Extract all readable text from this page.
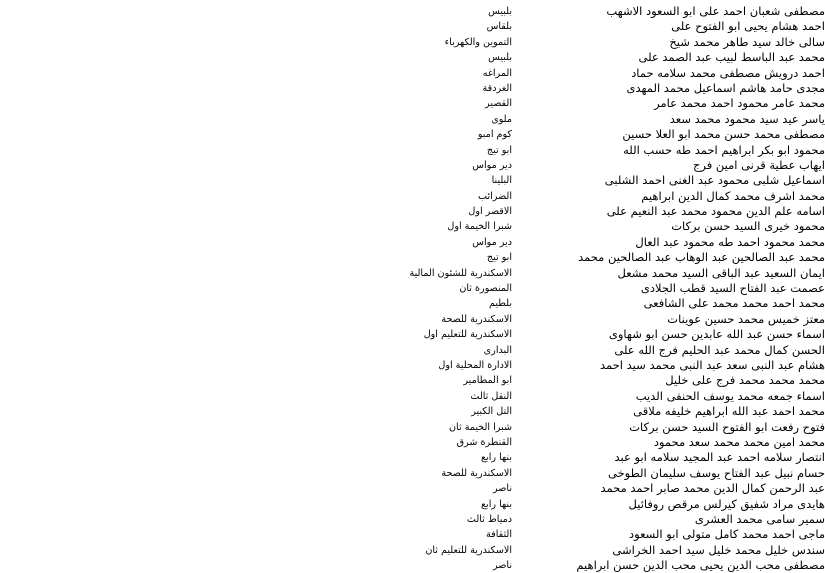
مصطفى شعبان احمد على ابو السعود الاشهب
بلبيس
احمد هشام يحيى ابو الفتوح على
بلقاس
سالى خالد سيد طاهر محمد شيخ
التموين والكهرباء
محمد عبد الباسط لبيب عبد الصمد على
بلبيس
احمد درويش مصطفى محمد سلامه حماد
المراغه
مجدى حامد هاشم اسماعيل محمد المهدى
الغردقة
محمد عامر محمود احمد محمد عامر
القصير
ياسر عيد سيد محمود محمد سعد
ملوى
مصطفى محمد حسن محمد ابو العلا حسين
كوم امبو
محمود ابو بكر ابراهيم احمد طه حسب الله
ابو تيج
ايهاب عطية قرنى امين فرج
دير مواس
اسماعيل شلبى محمود عبد الغنى احمد الشلبى
البلينا
محمد اشرف محمد كمال الدين ابراهيم
الضرائب
اسامه علم الدين محمود محمد عبد النعيم على
الاقصر اول
محمود خيرى السيد حسن بركات
شبرا الخيمة اول
محمد محمود احمد طه محمود عبد العال
دير مواس
محمد عبد الصالحين عبد الوهاب عبد الصالحين محمد
ابو تيج
ايمان السعيد عبد الباقى السيد محمد مشعل
الاسكندرية للشئون المالية
عصمت عبد الفتاح السيد قطب الجلادى
المنصورة ثان
محمد احمد محمد محمد على الشافعى
بلطيم
معتز خميس محمد حسين عوينات
الاسكندرية للصحة
اسماء حسن عبد الله عابدين حسن ابو شهاوى
الاسكندرية للتعليم اول
الحسن كمال محمد عبد الحليم فرج الله على
البدارى
هشام عبد النبى سعد عبد النبى محمد سيد احمد
الادارة المحلية اول
محمد محمد محمد فرج على خليل
ابو المطامير
اسماء جمعه محمد يوسف الحنفى الديب
النقل ثالث
محمد احمد عبد الله ابراهيم خليفه ملاقى
التل الكبير
فتوح رفعت ابو الفتوح السيد حسن بركات
شبرا الخيمة ثان
محمد امين محمد محمد سعد محمود
القنطرة شرق
انتصار سلامه احمد عبد المجيد سلامه ابو عبد
بنها رابع
حسام نبيل عبد الفتاح يوسف سليمان الطوخى
الاسكندرية للصحة
عبد الرحمن كمال الدين محمد صابر احمد محمد
ناصر
هايدى مراد شفيق كيرلس مرقص روفائيل
بنها رابع
سمير سامى محمد العشرى
دمياط ثالث
ماجى احمد محمد كامل متولى ابو السعود
الثقافة
سندس خليل محمد خليل سيد احمد الخراشى
الاسكندرية للتعليم ثان
مصطفى محب الدين يحيى محب الدين حسن ابراهيم
ناصر
